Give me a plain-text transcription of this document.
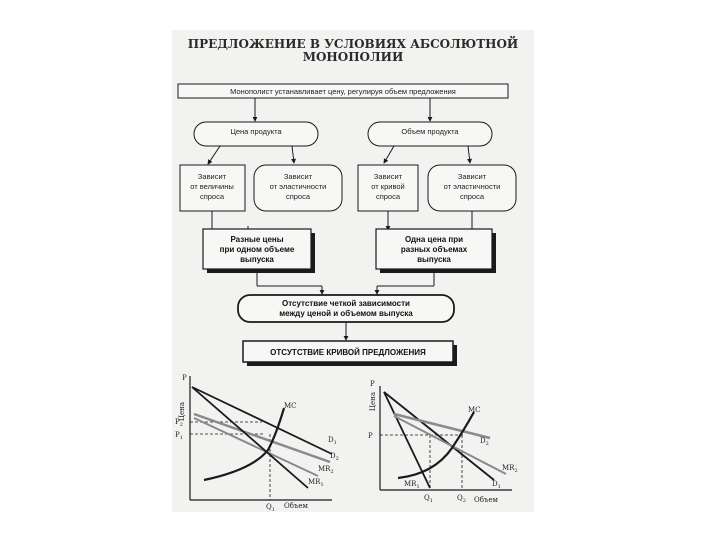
ПРЕДЛОЖЕНИЕ В УСЛОВИЯХ АБСОЛЮТНОЙ
МОНОПОЛИИ
Монополист устанавливает цену, регулируя объем предложения
Цена продукта	Объем продукта
Зависит
от величины
спроса
Зависит
от эластичности
спроса
Зависит
от кривой
спроса
Зависит
от эластичности
спроса
Разные цены
при одном объеме
выпуска
Одна цена при
разных объемах
выпуска
Отсутствие четкой зависимости
между ценой и объемом выпуска
ОТСУТСТВИЕ КРИВОЙ ПРЕДЛОЖЕНИЯ
P
Цена
Объем
$P_2$
$P_1$
$Q_1$
MC
$D_1$
$D_2$
$MR_2$
$MR_1$
P
Цена
Объем
P
$Q_1$	$Q_2$
MC
$D_2$
$MR_2$
$MR_1$	$D_1$
